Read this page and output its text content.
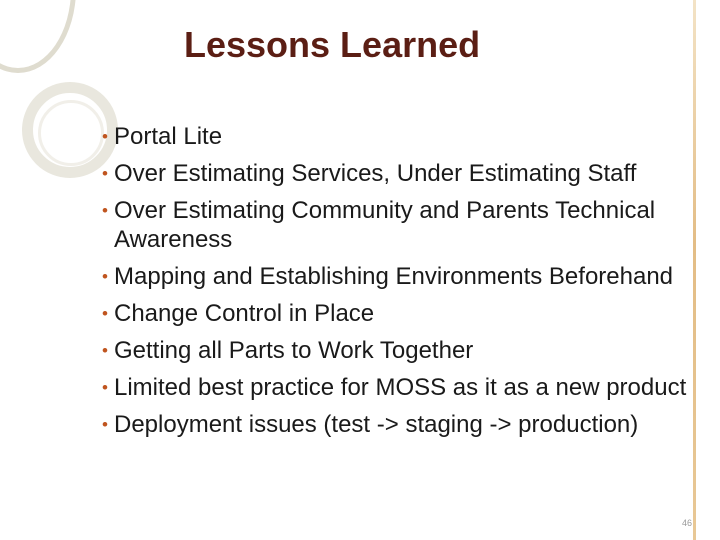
Lessons Learned
• Portal Lite
• Over Estimating Services, Under Estimating Staff
• Over Estimating Community and Parents Technical Awareness
• Mapping and Establishing Environments Beforehand
• Change Control in Place
• Getting all Parts to Work Together
• Limited best practice for MOSS as it as a new product
• Deployment issues (test -> staging -> production)
46
